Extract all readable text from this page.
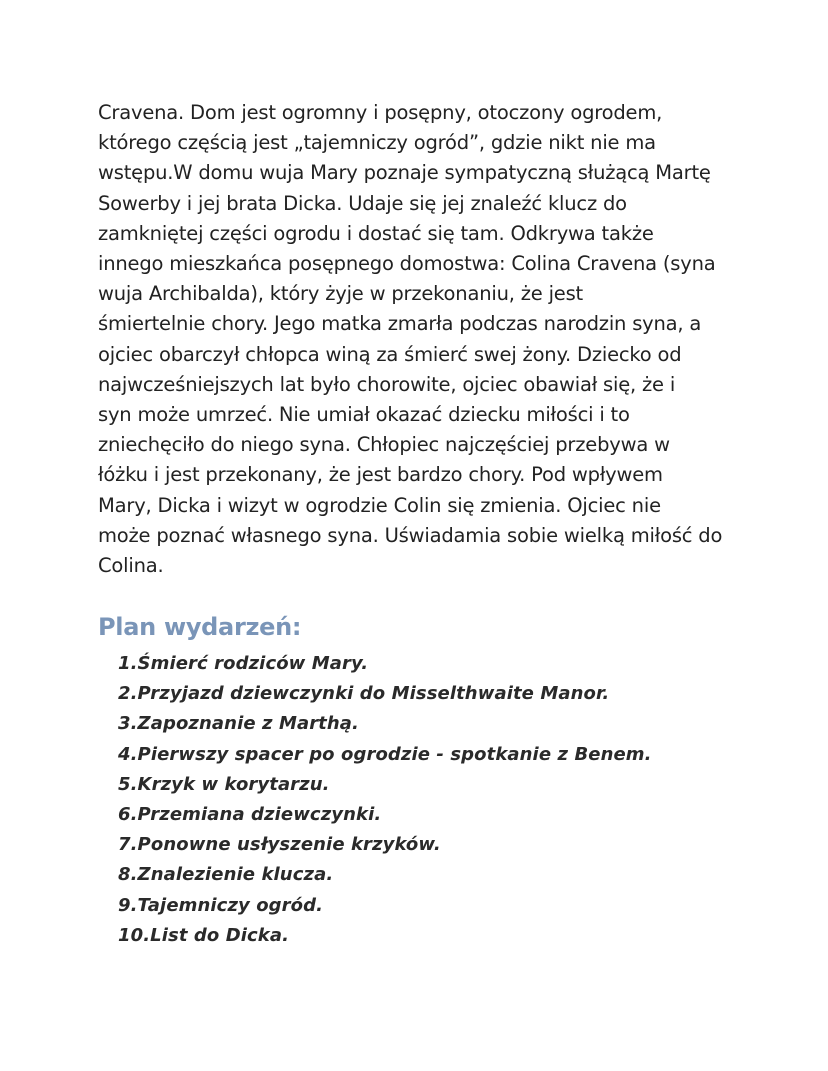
Cravena. Dom jest ogromny i posępny, otoczony ogrodem,
którego częścią jest „tajemniczy ogród”, gdzie nikt nie ma
wstępu.W domu wuja Mary poznaje sympatyczną służącą Martę
Sowerby i jej brata Dicka. Udaje się jej znaleźć klucz do
zamkniętej części ogrodu i dostać się tam. Odkrywa także
innego mieszkańca posępnego domostwa: Colina Cravena (syna
wuja Archibalda), który żyje w przekonaniu, że jest
śmiertelnie chory. Jego matka zmarła podczas narodzin syna, a
ojciec obarczył chłopca winą za śmierć swej żony. Dziecko od
najwcześniejszych lat było chorowite, ojciec obawiał się, że i
syn może umrzeć. Nie umiał okazać dziecku miłości i to
zniechęciło do niego syna. Chłopiec najczęściej przebywa w
łóżku i jest przekonany, że jest bardzo chory. Pod wpływem
Mary, Dicka i wizyt w ogrodzie Colin się zmienia. Ojciec nie
może poznać własnego syna. Uświadamia sobie wielką miłość do
Colina.
Plan wydarzeń:
1.Śmierć rodziców Mary.
2.Przyjazd dziewczynki do Misselthwaite Manor.
3.Zapoznanie z Marthą.
4.Pierwszy spacer po ogrodzie - spotkanie z Benem.
5.Krzyk w korytarzu.
6.Przemiana dziewczynki.
7.Ponowne usłyszenie krzyków.
8.Znalezienie klucza.
9.Tajemniczy ogród.
10.List do Dicka.
